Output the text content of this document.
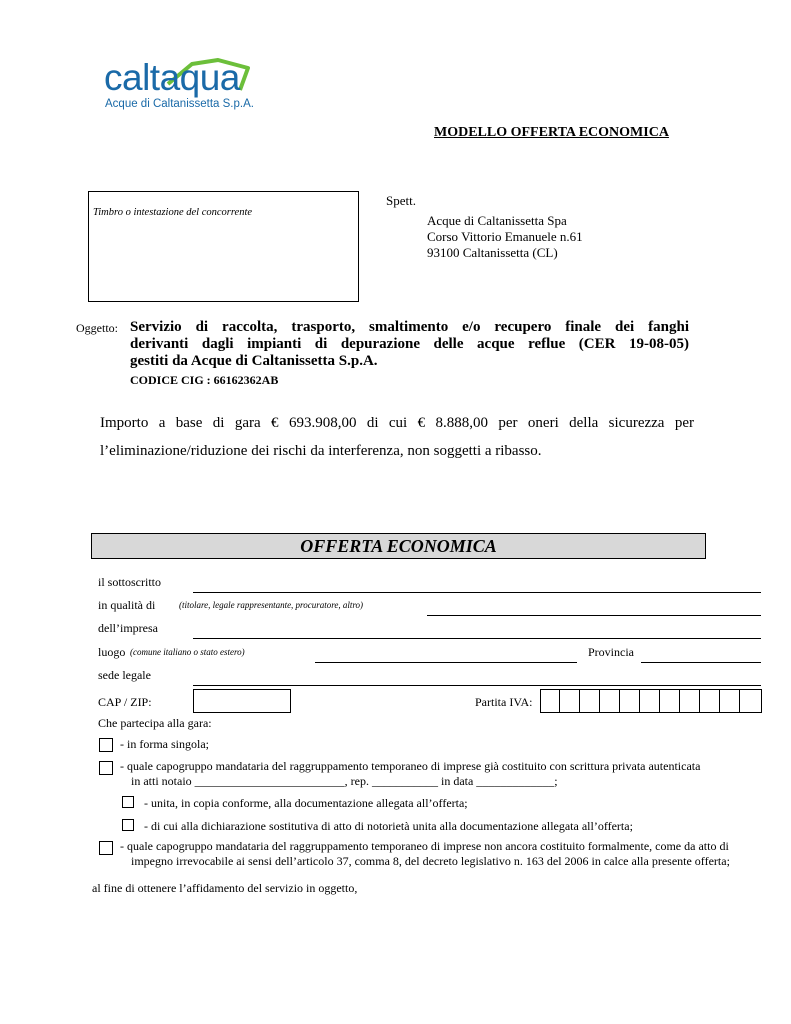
caltaqua
Acque di Caltanissetta S.p.A.
MODELLO OFFERTA ECONOMICA
Timbro o intestazione del concorrente
Spett.
Acque di Caltanissetta Spa
Corso Vittorio Emanuele n.61
93100 Caltanissetta (CL)
Oggetto: Servizio di raccolta, trasporto, smaltimento e/o recupero finale dei fanghi
derivanti dagli impianti di depurazione delle acque reflue (CER 19-08-05)
gestiti da Acque di Caltanissetta S.p.A.
CODICE CIG : 66162362AB
Importo a base di gara € 693.908,00 di cui € 8.888,00 per oneri della sicurezza per l’eliminazione/riduzione dei rischi da interferenza, non soggetti a ribasso.
OFFERTA ECONOMICA
il sottoscritto
in qualità di	(titolare, legale rappresentante, procuratore, altro)
dell’impresa
luogo (comune italiano o stato estero)	Provincia
sede legale
CAP / ZIP:	Partita IVA:
Che partecipa alla gara:
- in forma singola;
- quale capogruppo mandataria del raggruppamento temporaneo di imprese già costituito con scrittura privata autenticata
in atti notaio _________________________, rep. ___________ in data _____________;
- unita, in copia conforme, alla documentazione allegata all’offerta;
- di cui alla dichiarazione sostitutiva di atto di notorietà unita alla documentazione allegata all’offerta;
- quale capogruppo mandataria del raggruppamento temporaneo di imprese non ancora costituito formalmente, come da atto di
impegno irrevocabile ai sensi dell’articolo 37, comma 8, del decreto legislativo n. 163 del 2006 in calce alla presente offerta;
al fine di ottenere l’affidamento del servizio in oggetto,
